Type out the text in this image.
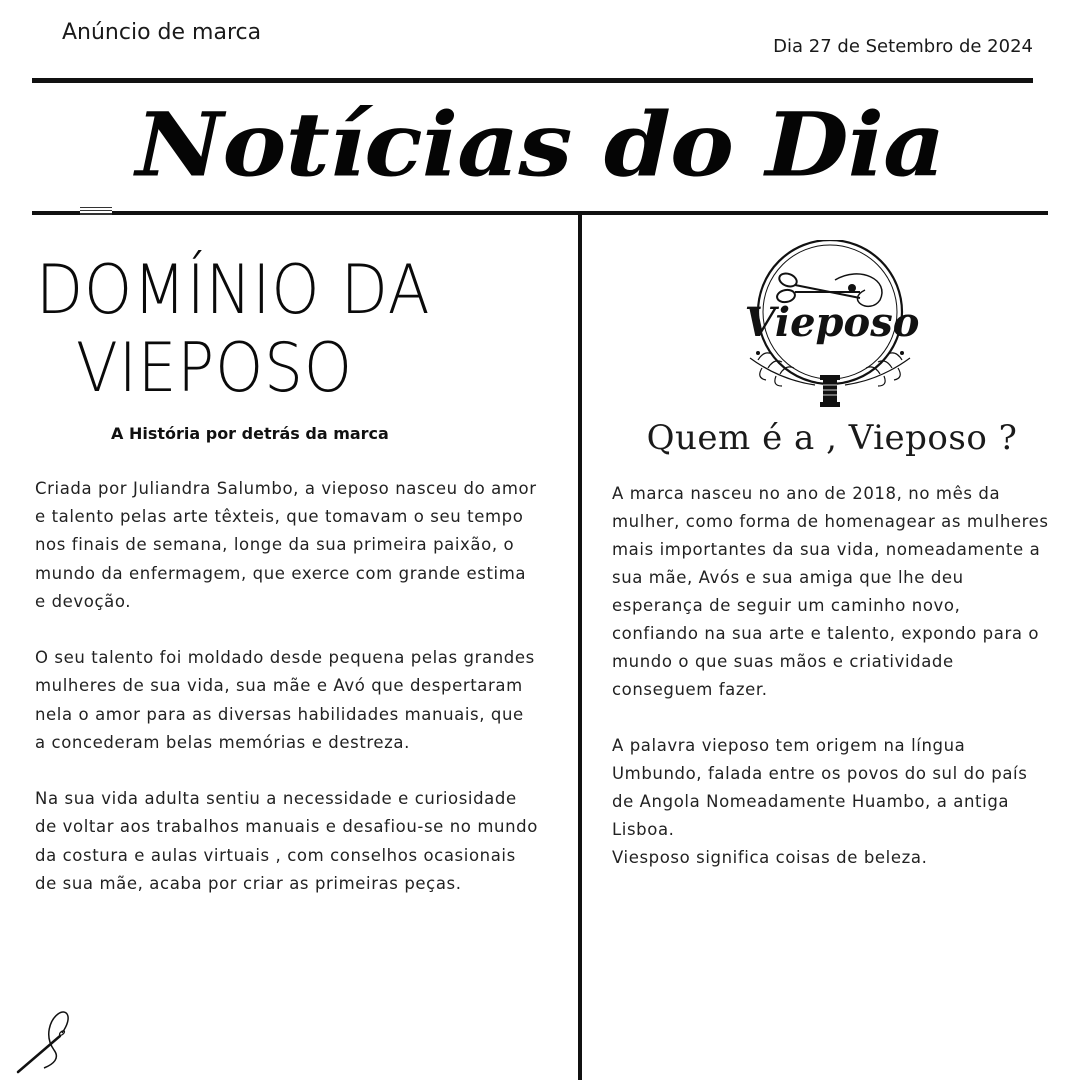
Anúncio de marca
Dia 27 de Setembro de 2024
Notícias do Dia
DOMÍNIO DA
VIEPOSO
A História por detrás da marca

Criada por Juliandra Salumbo, a vieposo nasceu do amor e talento pelas arte têxteis, que tomavam o seu tempo nos finais de semana, longe da sua primeira paixão, o mundo da enfermagem, que exerce com grande estima e devoção.

O seu talento foi moldado desde pequena pelas grandes mulheres de sua vida, sua mãe e Avó que despertaram nela o amor para as diversas habilidades manuais, que a concederam belas memórias e destreza.

Na sua vida adulta sentiu a necessidade e curiosidade de voltar aos trabalhos manuais e desafiou-se no mundo da costura e aulas virtuais , com conselhos ocasionais de sua mãe, acaba por criar as primeiras peças.

Vieposo
Quem é a , Vieposo ?

A marca nasceu no ano de 2018, no mês da mulher, como forma de homenagear as mulheres mais importantes da sua vida, nomeadamente a sua mãe, Avós e sua amiga que lhe deu esperança de seguir um caminho novo, confiando na sua arte e talento, expondo para o mundo o que suas mãos e criatividade conseguem fazer.

A palavra vieposo tem origem na língua Umbundo, falada entre os povos do sul do país de Angola Nomeadamente Huambo, a antiga Lisboa.
Viesposo significa coisas de beleza.
